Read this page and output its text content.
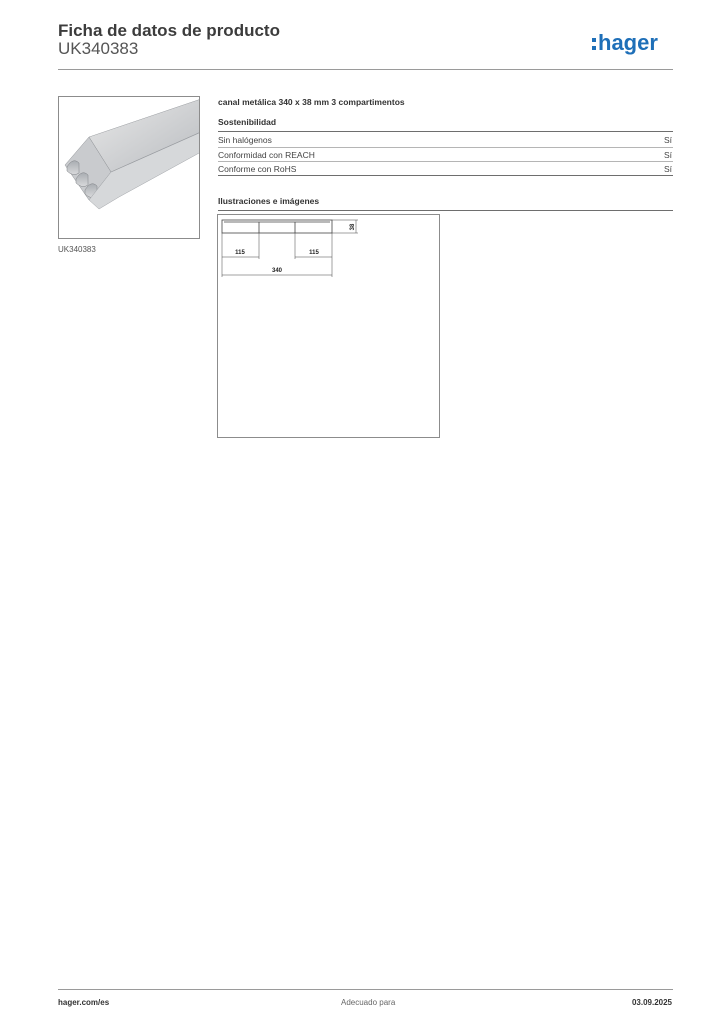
Ficha de datos de producto
UK340383	hager
UK340383
canal metálica 340 x 38 mm 3 compartimentos
Sostenibilidad
Sin halógenos	Sí
Conformidad con REACH	Sí
Conforme con RoHS	Sí
Ilustraciones e imágenes
38
115	115
340
hager.com/es	Adecuado para	03.09.2025
